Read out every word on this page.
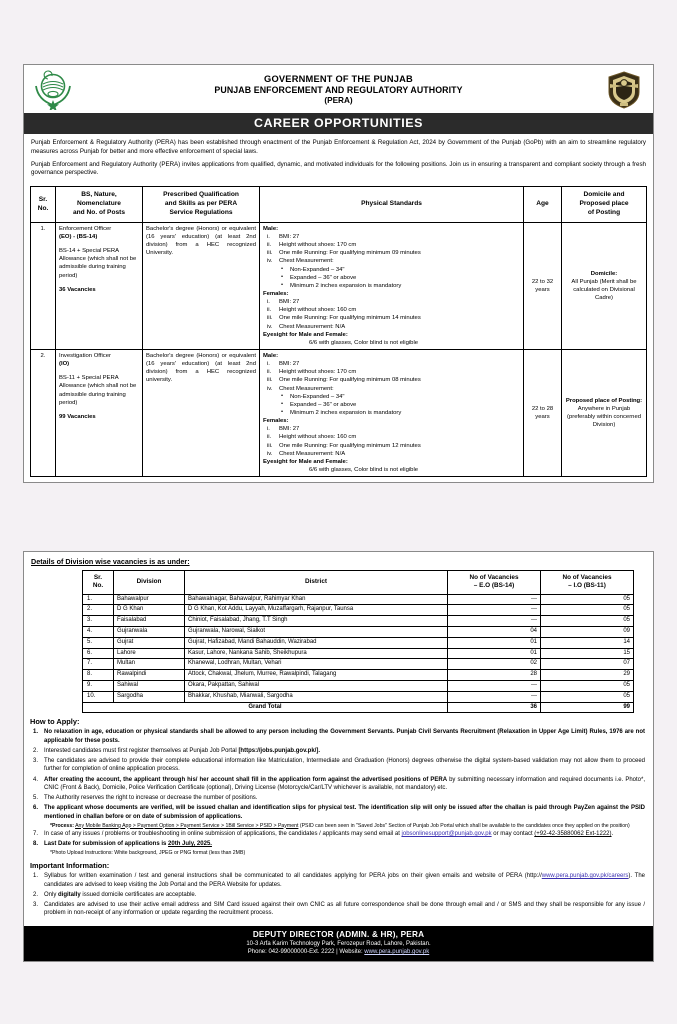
GOVERNMENT OF THE PUNJAB
PUNJAB ENFORCEMENT AND REGULATORY AUTHORITY
(PERA)
CAREER OPPORTUNITIES

Punjab Enforcement & Regulatory Authority (PERA) has been established through enactment of the Punjab Enforcement & Regulation Act, 2024 by Government of the Punjab (GoPb) with an aim to streamline regulatory measures across Punjab for better and more effective enforcement of special laws.

Punjab Enforcement and Regulatory Authority (PERA) invites applications from qualified, dynamic, and motivated individuals for the following positions. Join us in ensuring a transparent and compliant society through a fresh governance perspective.

Sr.
No.	BS, Nature,
Nomenclature
and No. of Posts	Prescribed Qualification
and Skills as per PERA
Service Regulations	Physical Standards	Age	Domicile and
Proposed place
of Posting
1.	Enforcement Officer
(EO) - (BS-14)
BS-14 + Special PERA Allowance (which shall not be admissible during training period)
36 Vacancies
	Bachelor's degree (Honors) or equivalent (16 years' education) (at least 2nd division) from a HEC recognized University.	
Male:
i.	BMI: 27
ii.	Height without shoes: 170 cm
iii.	One mile Running: For qualifying minimum 09 minutes
iv.	Chest Measurement:
• Non-Expanded – 34"
• Expanded – 36" or above
• Minimum 2 inches expansion is mandatory
Females:
i.	BMI: 27
ii.	Height without shoes: 160 cm
iii.	One mile Running: For qualifying minimum 14 minutes
iv.	Chest Measurement: N/A
Eyesight for Male and Female:
6/6 with glasses, Color blind is not eligible
	22 to 32 years	
Domicile:
All Punjab (Merit shall be calculated on Divisional Cadre)

2.	Investigation Officer
(IO)
BS-11 + Special PERA Allowance (which shall not be admissible during training period)
99 Vacancies
	Bachelor's degree (Honors) or equivalent (16 years' education) (at least 2nd division) from a HEC recognized university.	
Male:
i.	BMI: 27
ii.	Height without shoes: 170 cm
iii.	One mile Running: For qualifying minimum 08 minutes
iv.	Chest Measurement:
• Non-Expanded – 34"
• Expanded – 36" or above
• Minimum 2 inches expansion is mandatory
Females:
i.	BMI: 27
ii.	Height without shoes: 160 cm
iii.	One mile Running: For qualifying minimum 12 minutes
iv.	Chest Measurement: N/A
Eyesight for Male and Female:
6/6 with glasses, Color blind is not eligible
	22 to 28 years	
Proposed place of Posting:
Anywhere in Punjab (preferably within concerned Division)
Details of Division wise vacancies is as under:
Sr.
No.	Division	District	No of Vacancies
– E.O (BS-14)	No of Vacancies
– I.O (BS-11)
1.	Bahawalpur	Bahawalnagar, Bahawalpur, Rahimyar Khan	---	05
2.	D G Khan	D G Khan, Kot Addu, Layyah, Muzaffargarh, Rajanpur, Taunsa	---	05
3.	Faisalabad	Chiniot, Faisalabad, Jhang, T.T Singh	---	05
4.	Gujranwala	Gujranwala, Narowal, Sialkot	04	09
5.	Gujrat	Gujrat, Hafizabad, Mandi Bahauddin, Wazirabad	01	14
6.	Lahore	Kasur, Lahore, Nankana Sahib, Sheikhupura	01	15
7.	Multan	Khanewal, Lodhran, Multan, Vehari	02	07
8.	Rawalpindi	Attock, Chakwal, Jhelum, Murree, Rawalpindi, Talagang	28	29
9.	Sahiwal	Okara, Pakpattan, Sahiwal	---	05
10.	Sargodha	Bhakkar, Khushab, Mianwali, Sargodha	---	05
Grand Total			36	99
How to Apply:
1.	No relaxation in age, education or physical standards shall be allowed to any person including the Government Servants. Punjab Civil Servants Recruitment (Relaxation in Upper Age Limit) Rules, 1976 are not applicable for these posts.
2.	Interested candidates must first register themselves at Punjab Job Portal [https://jobs.punjab.gov.pk/].
3.	The candidates are advised to provide their complete educational information like Matriculation, Intermediate and Graduation (Honors) degrees otherwise the digital system-based validation may not allow them to proceed further for completion of online application process.
4.	After creating the account, the applicant through his/ her account shall fill in the application form against the advertised positions of PERA by submitting necessary information and required documents i.e. Photo*, CNIC (Front & Back), Domicile, Police Verification Certificate (optional), Driving License (Motorcycle/Car/LTV whichever is available, not mandatory) etc.
5.	The Authority reserves the right to increase or decrease the number of positions.
6.	The applicant whose documents are verified, will be issued challan and identification slips for physical test. The identification slip will only be issued after the challan is paid through PayZen against the PSID mentioned in challan before or on date of submission of applications.
*Process: Any Mobile Banking App > Payment Option > Payment Service > 1Bill Service > PSID > Payment (PSID can been seen in "Saved Jobs" Section of Punjab Job Portal which shall be available to the candidates once they applied on the position)
7.	In case of any issues / problems or troubleshooting in online submission of applications, the candidates / applicants may send email at jobsonlinesupport@punjab.gov.pk or may contact (+92-42-35880062 Ext-1222).
8.	Last Date for submission of applications is 20th July, 2025.
*Photo Upload Instructions: White background, JPEG or PNG format (less than 2MB)
Important Information:
1.	Syllabus for written examination / test and general instructions shall be communicated to all candidates applying for PERA jobs on their given emails and website of PERA (http://www.pera.punjab.gov.pk/careers). The candidates are advised to keep visiting the Job Portal and the PERA Website for updates.
2.	Only digitally issued domicile certificates are acceptable.
3.	Candidates are advised to use their active email address and SIM Card issued against their own CNIC as all future correspondence shall be done through email and / or SMS and they shall be responsible for any issue / problem in non-receipt of any information or update regarding the recruitment process.
DEPUTY DIRECTOR (ADMIN. & HR), PERA
10-3 Arfa Karim Technology Park, Ferozepur Road, Lahore, Pakistan.
Phone: 042-99000000-Ext. 2222 | Website: www.pera.punjab.gov.pk
